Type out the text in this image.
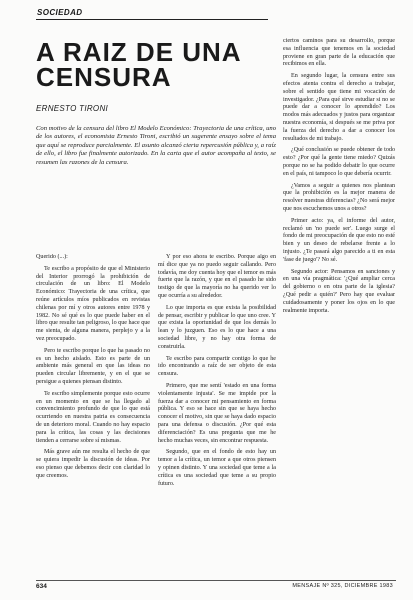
SOCIEDAD
A RAIZ DE UNA CENSURA
ERNESTO TIRONI

Con motivo de la censura del libro El Modelo Económico: Trayectoria de una crítica, uno de los autores, el economista Ernesto Tironi, escribió un sugerente ensayo sobre el tema que aquí se reproduce parcialmente. El asunto alcanzó cierta repercusión pública y, a raíz de ello, el libro fue finalmente autorizado. En la carta que el autor acompaña al texto, se resumen las razones de la censura.

Querido (...):

Te escribo a propósito de que el Ministerio del Interior prorrogó la prohibición de circulación de un libro: El Modelo Económico: Trayectoria de una crítica, que reúne artículos míos publicados en revistas chilenas por mí y otros autores entre 1978 y 1982. No sé qué es lo que puede haber en el libro que resulte tan peligroso, lo que hace que me sienta, de alguna manera, perplejo y a la vez preocupado.

Pero te escribo porque lo que ha pasado no es un hecho aislado. Esto es parte de un ambiente más general en que las ideas no pueden circular libremente, y en el que se persigue a quienes piensan distinto.

Te escribo simplemente porque esto ocurre en un momento en que se ha llegado al convencimiento profundo de que lo que está ocurriendo en nuestra patria es consecuencia de un deterioro moral. Cuando no hay espacio para la crítica, las cosas y las decisiones tienden a cerrarse sobre sí mismas.

Más grave aún me resulta el hecho de que se quiera impedir la discusión de ideas. Por eso pienso que debemos decir con claridad lo que creemos.

Y por eso ahora te escribo. Porque algo en mí dice que ya no puedo seguir callando. Pero todavía, me doy cuenta hoy que el temor es más fuerte que la razón, y que en el pasado he sido testigo de que la mayoría no ha querido ver lo que ocurría a su alrededor.

Lo que importa es que exista la posibilidad de pensar, escribir y publicar lo que uno cree. Y que exista la oportunidad de que los demás lo lean y lo juzguen. Eso es lo que hace a una sociedad libre, y no hay otra forma de construirla.

Te escribo para compartir contigo lo que he ido encontrando a raíz de ser objeto de esta censura.

Primero, que me sentí 'estado en una forma violentamente injusta'. Se me impide por la fuerza dar a conocer mi pensamiento en forma pública. Y eso se hace sin que se haya hecho conocer el motivo, sin que se haya dado espacio para una defensa o discusión. ¿Por qué esta diferenciación? Es una pregunta que me he hecho muchas veces, sin encontrar respuesta.

Segundo, que en el fondo de esto hay un temor a la crítica, un temor a que otros piensen y opinen distinto. Y una sociedad que teme a la crítica es una sociedad que teme a su propio futuro.

ciertos caminos para su desarrollo, porque esa influencia que tenemos en la sociedad proviene en gran parte de la educación que recibimos en ella.

En segundo lugar, la censura entre sus efectos atenta contra el derecho a trabajar, sobre el sentido que tiene mi vocación de investigador. ¿Para qué sirve estudiar si no se puede dar a conocer lo aprendido? Los modos más adecuados y justos para organizar nuestra economía, si después se me priva por la fuerza del derecho a dar a conocer los resultados de mi trabajo.

¿Qué conclusión se puede obtener de todo esto? ¿Por qué la gente tiene miedo? Quizás porque no se ha podido debatir lo que ocurre en el país, ni tampoco lo que debería ocurrir.

¿Vamos a seguir a quienes nos plantean que la prohibición es la mejor manera de resolver nuestras diferencias? ¿No será mejor que nos escuchemos unos a otros?

Primer acto: ya, el informe del autor, reclamó un 'no puede ser'. Luego surge el fondo de mi preocupación de que esto no esté bien y un deseo de rebelarse frente a lo injusto. ¿Te pasará algo parecido a ti en esta 'fase de juego'? No sé.

Segundo actor: Pensamos en sanciones y en una vía pragmática: '¿Qué ampliar cerca del gobierno o en otra parte de la iglesia? ¿Qué pedir a quién?' Pero hay que evaluar cuidadosamente y poner los ojos en lo que realmente importa.

634	MENSAJE Nº 325, DICIEMBRE 1983
